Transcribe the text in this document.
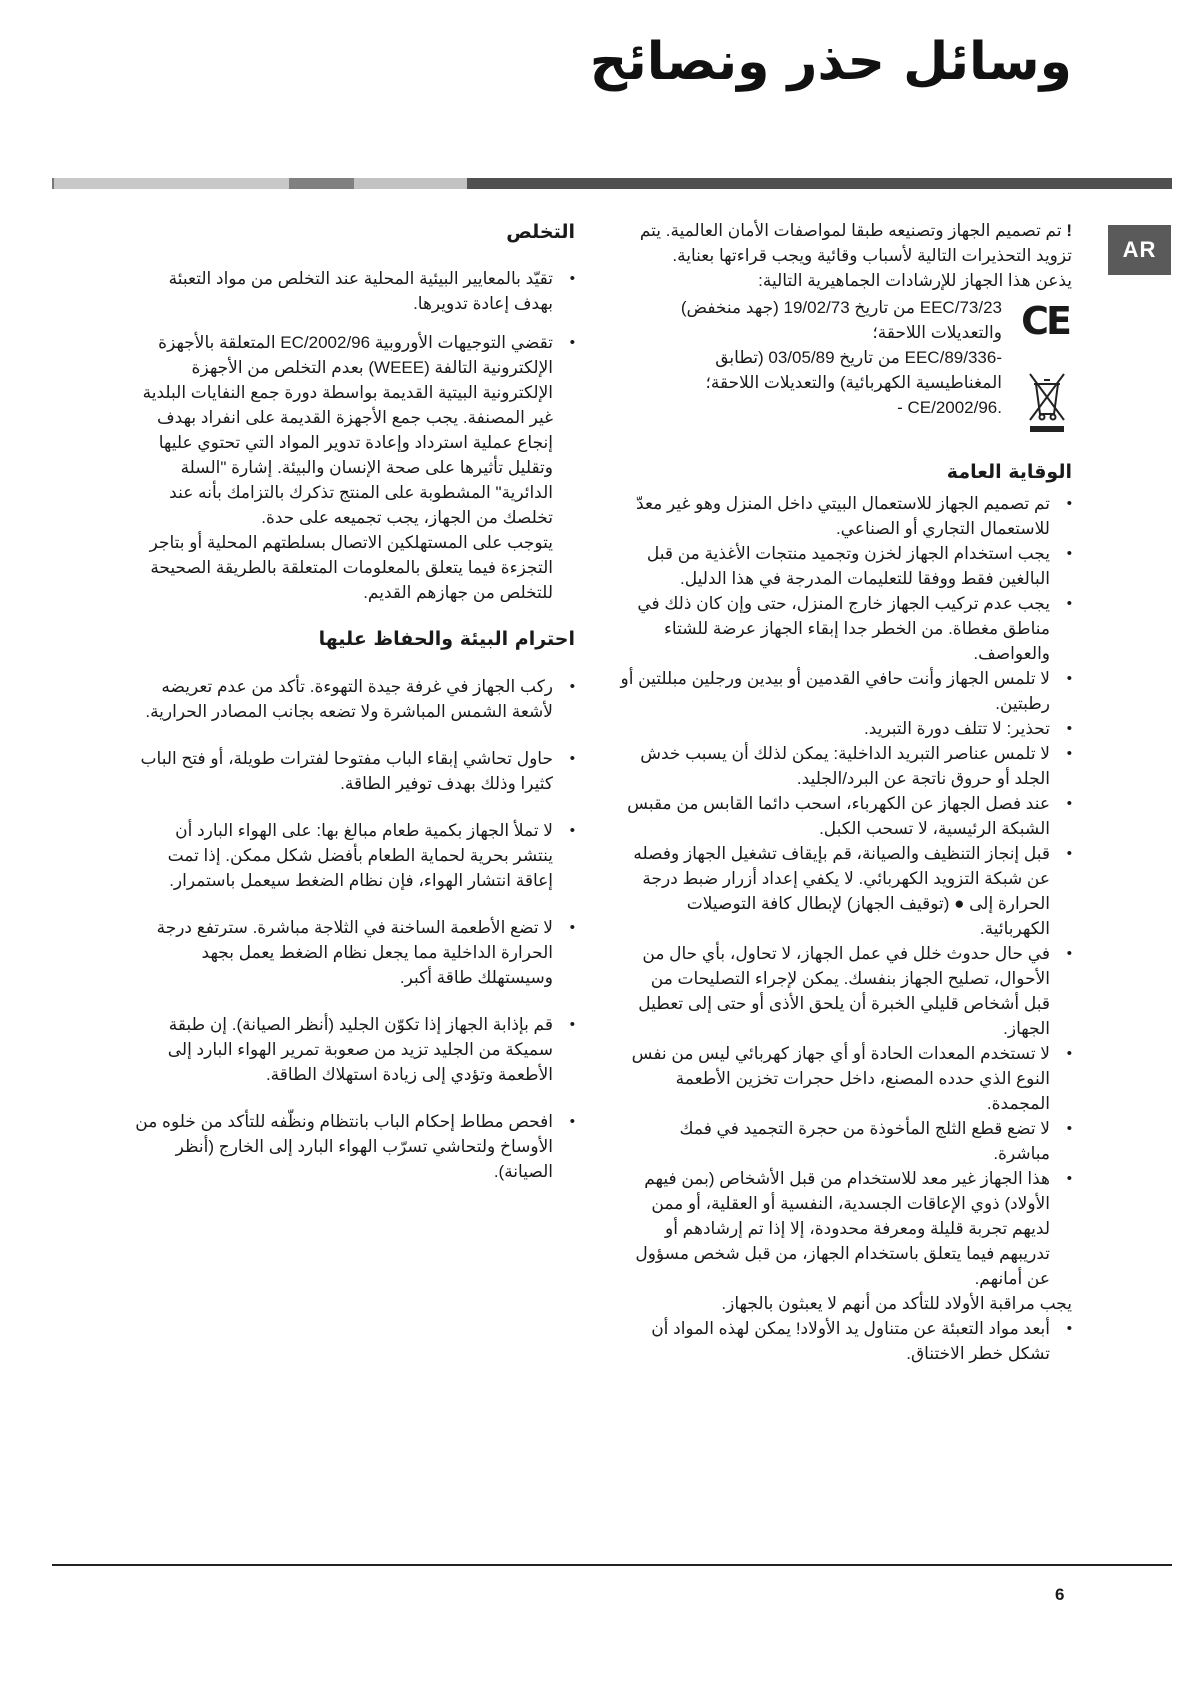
وسائل حذر ونصائح
AR

! تم تصميم الجهاز وتصنيعه طبقا لمواصفات الأمان العالمية. يتم تزويد التحذيرات التالية لأسباب وقائية ويجب قراءتها بعناية.

يذعن هذا الجهاز للإرشادات الجماهيرية التالية:

CE

73/23/EEC من تاريخ 19/02/73 (جهد منخفض)

والتعديلات اللاحقة؛

-89/336/EEC من تاريخ 03/05/89 (تطابق

المغناطيسية الكهربائية) والتعديلات اللاحقة؛

.2002/96/CE -

الوقاية العامة
• تم تصميم الجهاز للاستعمال البيتي داخل المنزل وهو غير معدّ للاستعمال التجاري أو الصناعي.
• يجب استخدام الجهاز لخزن وتجميد منتجات الأغذية من قبل البالغين فقط ووفقا للتعليمات المدرجة في هذا الدليل.
• يجب عدم تركيب الجهاز خارج المنزل، حتى وإن كان ذلك في مناطق مغطاة. من الخطر جدا إبقاء الجهاز عرضة للشتاء والعواصف.
• لا تلمس الجهاز وأنت حافي القدمين أو بيدين ورجلين مبللتين أو رطبتين.
• تحذير: لا تتلف دورة التبريد.
• لا تلمس عناصر التبريد الداخلية: يمكن لذلك أن يسبب خدش الجلد أو حروق ناتجة عن البرد/الجليد.
• عند فصل الجهاز عن الكهرباء، اسحب دائما القابس من مقبس الشبكة الرئيسية، لا تسحب الكبل.
• قبل إنجاز التنظيف والصيانة، قم بإيقاف تشغيل الجهاز وفصله عن شبكة التزويد الكهربائي. لا يكفي إعداد أزرار ضبط درجة الحرارة إلى ● (توقيف الجهاز) لإبطال كافة التوصيلات الكهربائية.
• في حال حدوث خلل في عمل الجهاز، لا تحاول، بأي حال من الأحوال، تصليح الجهاز بنفسك. يمكن لإجراء التصليحات من قبل أشخاص قليلي الخبرة أن يلحق الأذى أو حتى إلى تعطيل الجهاز.
• لا تستخدم المعدات الحادة أو أي جهاز كهربائي ليس من نفس النوع الذي حدده المصنع، داخل حجرات تخزين الأطعمة المجمدة.
• لا تضع قطع الثلج المأخوذة من حجرة التجميد في فمك مباشرة.
• هذا الجهاز غير معد للاستخدام من قبل الأشخاص (بمن فيهم الأولاد) ذوي الإعاقات الجسدية، النفسية أو العقلية، أو ممن لديهم تجربة قليلة ومعرفة محدودة، إلا إذا تم إرشادهم أو تدريبهم فيما يتعلق باستخدام الجهاز، من قبل شخص مسؤول عن أمانهم.
يجب مراقبة الأولاد للتأكد من أنهم لا يعبثون بالجهاز.
• أبعد مواد التعبئة عن متناول يد الأولاد! يمكن لهذه المواد أن تشكل خطر الاختناق.
التخلص
• تقيّد بالمعايير البيئية المحلية عند التخلص من مواد التعبئة بهدف إعادة تدويرها.
• تقضي التوجيهات الأوروبية 2002/96/EC المتعلقة بالأجهزة الإلكترونية التالفة (WEEE) بعدم التخلص من الأجهزة الإلكترونية البيتية القديمة بواسطة دورة جمع النفايات البلدية غير المصنفة. يجب جمع الأجهزة القديمة على انفراد بهدف إنجاع عملية استرداد وإعادة تدوير المواد التي تحتوي عليها وتقليل تأثيرها على صحة الإنسان والبيئة. إشارة "السلة الدائرية" المشطوبة على المنتج تذكرك بالتزامك بأنه عند تخلصك من الجهاز، يجب تجميعه على حدة.
يتوجب على المستهلكين الاتصال بسلطتهم المحلية أو بتاجر التجزءة فيما يتعلق بالمعلومات المتعلقة بالطريقة الصحيحة للتخلص من جهازهم القديم.
احترام البيئة والحفاظ عليها
• ركب الجهاز في غرفة جيدة التهوءة. تأكد من عدم تعريضه لأشعة الشمس المباشرة ولا تضعه بجانب المصادر الحرارية.
• حاول تحاشي إبقاء الباب مفتوحا لفترات طويلة، أو فتح الباب كثيرا وذلك بهدف توفير الطاقة.
• لا تملأ الجهاز بكمية طعام مبالغ بها: على الهواء البارد أن ينتشر بحرية لحماية الطعام بأفضل شكل ممكن. إذا تمت إعاقة انتشار الهواء، فإن نظام الضغط سيعمل باستمرار.
• لا تضع الأطعمة الساخنة في الثلاجة مباشرة. سترتفع درجة الحرارة الداخلية مما يجعل نظام الضغط يعمل بجهد وسيستهلك طاقة أكبر.
• قم بإذابة الجهاز إذا تكوّن الجليد (أنظر الصيانة). إن طبقة سميكة من الجليد تزيد من صعوبة تمرير الهواء البارد إلى الأطعمة وتؤدي إلى زيادة استهلاك الطاقة.
• افحص مطاط إحكام الباب بانتظام ونظّفه للتأكد من خلوه من الأوساخ ولتحاشي تسرّب الهواء البارد إلى الخارج (أنظر الصيانة).
6
